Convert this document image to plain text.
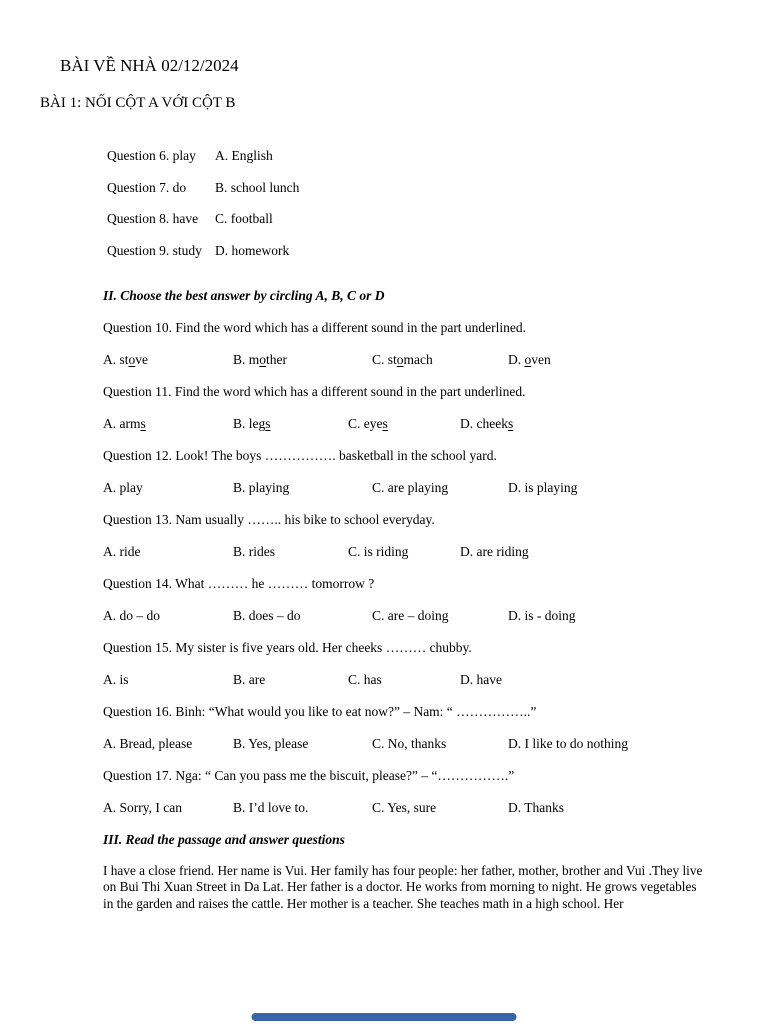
BÀI VỀ NHÀ 02/12/2024
BÀI 1: NỐI CỘT A VỚI CỘT B
Question 6. play	A. English
Question 7. do	B. school lunch
Question 8. have	C. football
Question 9. study D. homework
II. Choose the best answer by circling A, B, C or D
Question 10. Find the word which has a different sound in the part underlined.
A. stove	B. mother	C. stomach	D. oven
Question 11. Find the word which has a different sound in the part underlined.
A. arms	B. legs	C. eyes	D. cheeks
Question 12. Look! The boys ……………. basketball in the school yard.
A. play	B. playing	C. are playing	D. is playing
Question 13. Nam usually …….. his bike to school everyday.
A. ride	B. rides	C. is riding	D. are riding
Question 14. What ……… he ……… tomorrow ?
A. do – do	B. does – do	C. are – doing	D. is - doing
Question 15. My sister is five years old. Her cheeks ……… chubby.
A. is	B. are	C. has	D. have
Question 16. Binh: “What would you like to eat now?” – Nam: “ ……………..”
A. Bread, please	B. Yes, please	C. No, thanks	D. I like to do nothing
Question 17. Nga: “ Can you pass me the biscuit, please?” – “…………….”
A. Sorry, I can	B. I’d love to.	C. Yes, sure	D. Thanks
III. Read the passage and answer questions

I have a close friend. Her name is Vui. Her family has four people: her father, mother, brother and Vui .They live on Bui Thi Xuan Street in Da Lat. Her father is a doctor. He works from morning to night. He grows vegetables in the garden and raises the cattle. Her mother is a teacher. She teaches math in a high school. Her
